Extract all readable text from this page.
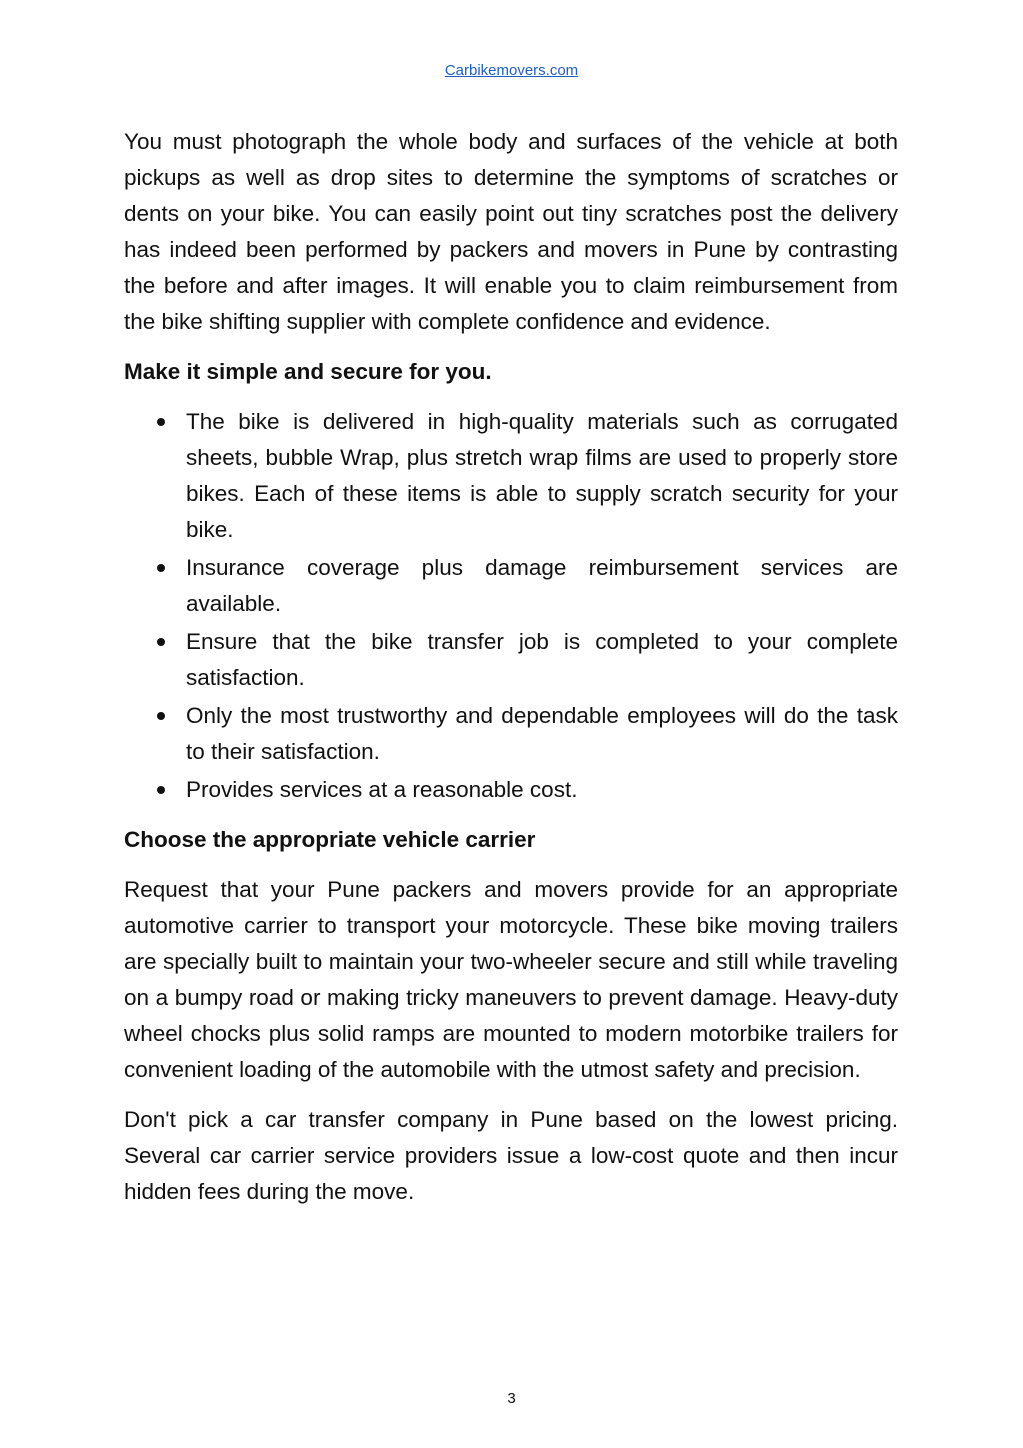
Carbikemovers.com

You must photograph the whole body and surfaces of the vehicle at both pickups as well as drop sites to determine the symptoms of scratches or dents on your bike. You can easily point out tiny scratches post the delivery has indeed been performed by packers and movers in Pune by contrasting the before and after images. It will enable you to claim reimbursement from the bike shifting supplier with complete confidence and evidence.

Make it simple and secure for you.

The bike is delivered in high-quality materials such as corrugated sheets, bubble Wrap, plus stretch wrap films are used to properly store bikes. Each of these items is able to supply scratch security for your bike.
Insurance coverage plus damage reimbursement services are available.
Ensure that the bike transfer job is completed to your complete satisfaction.
Only the most trustworthy and dependable employees will do the task to their satisfaction.
Provides services at a reasonable cost.

Choose the appropriate vehicle carrier

Request that your Pune packers and movers provide for an appropriate automotive carrier to transport your motorcycle. These bike moving trailers are specially built to maintain your two-wheeler secure and still while traveling on a bumpy road or making tricky maneuvers to prevent damage. Heavy-duty wheel chocks plus solid ramps are mounted to modern motorbike trailers for convenient loading of the automobile with the utmost safety and precision.

Don't pick a car transfer company in Pune based on the lowest pricing. Several car carrier service providers issue a low-cost quote and then incur hidden fees during the move.

3
